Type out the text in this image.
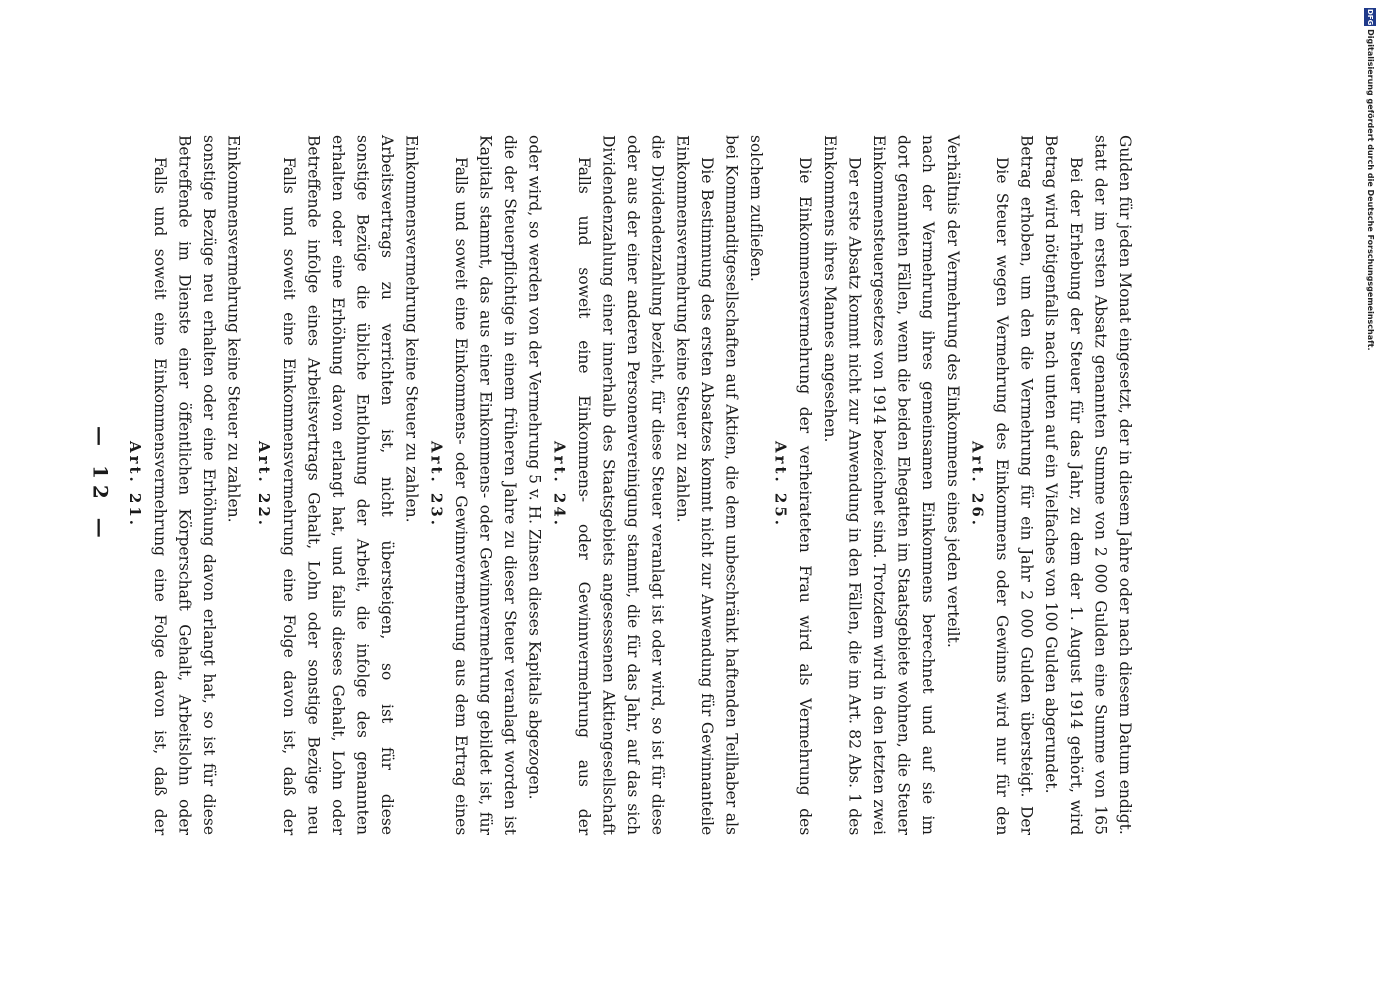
— 12 — Art. 21. Falls und soweit eine Einkommensvermehrung eine Folge davon ist, daß der Betreffende im Dienste einer öffentlichen Körperschaft Gehalt, Arbeitslohn oder sonstige Bezüge neu erhalten oder eine Erhöhung davon erlangt hat, so ist für diese Einkommensvermehrung keine Steuer zu zahlen. Art. 22. Falls und soweit eine Einkommensvermehrung eine Folge davon ist, daß der Betreffende infolge eines Arbeitsvertrags Gehalt, Lohn oder sonstige Bezüge neu erhalten oder eine Erhöhung davon erlangt hat, und falls dieses Gehalt, Lohn oder sonstige Bezüge die übliche Entlohnung der Arbeit, die infolge des genannten Arbeitsvertrags zu verrichten ist, nicht übersteigen, so ist für diese Einkommensvermehrung keine Steuer zu zahlen. Art. 23. Falls und soweit eine Einkommens- oder Gewinnvermehrung aus dem Ertrag eines Kapitals stammt, das aus einer Einkommens- oder Gewinnvermehrung gebildet ist, für die der Steuerpflichtige in einem früheren Jahre zu dieser Steuer veranlagt worden ist oder wird, so werden von der Vermehrung 5 v. H. Zinsen dieses Kapitals abgezogen. Art. 24. Falls und soweit eine Einkommens- oder Gewinnvermehrung aus der Dividendenzahlung einer innerhalb des Staatsgebiets angesessenen Aktiengesellschaft oder aus der einer anderen Personenvereinigung stammt, die für das Jahr, auf das sich die Dividendenzahlung bezieht, für diese Steuer veranlagt ist oder wird, so ist für diese Einkommensvermehrung keine Steuer zu zahlen. Die Bestimmung des ersten Absatzes kommt nicht zur Anwendung für Gewinnanteile bei Kommanditgesellschaften auf Aktien, die dem unbeschränkt haftenden Teilhaber als solchem zufließen.

Art. 25. Die Einkommensvermehrung der verheirateten Frau wird als Vermehrung des Einkommens ihres Mannes angesehen. Der erste Absatz kommt nicht zur Anwendung in den Fällen, die im Art. 82 Abs. 1 des Einkommensteuergesetzes von 1914 bezeichnet sind. Trotzdem wird in den letzten zwei dort genannten Fällen, wenn die beiden Ehegatten im Staatsgebiete wohnen, die Steuer nach der Vermehrung ihres gemeinsamen Einkommens berechnet und auf sie im Verhältnis der Vermehrung des Einkommens eines jeden verteilt. Art. 26. Die Steuer wegen Vermehrung des Einkommens oder Gewinns wird nur für den Betrag erhoben, um den die Vermehrung für ein Jahr 2 000 Gulden übersteigt. Der Betrag wird nötigenfalls nach unten auf ein Vielfaches von 100 Gulden abgerundet. Bei der Erhebung der Steuer für das Jahr, zu dem der 1. August 1914 gehört, wird statt der im ersten Absatz genannten Summe von 2 000 Gulden eine Summe von 165 Gulden für jeden Monat eingesetzt, der in diesem Jahre oder nach diesem Datum endigt.

DFG Digitalisierung gefördert durch die Deutsche Forschungsgemeinschaft.
